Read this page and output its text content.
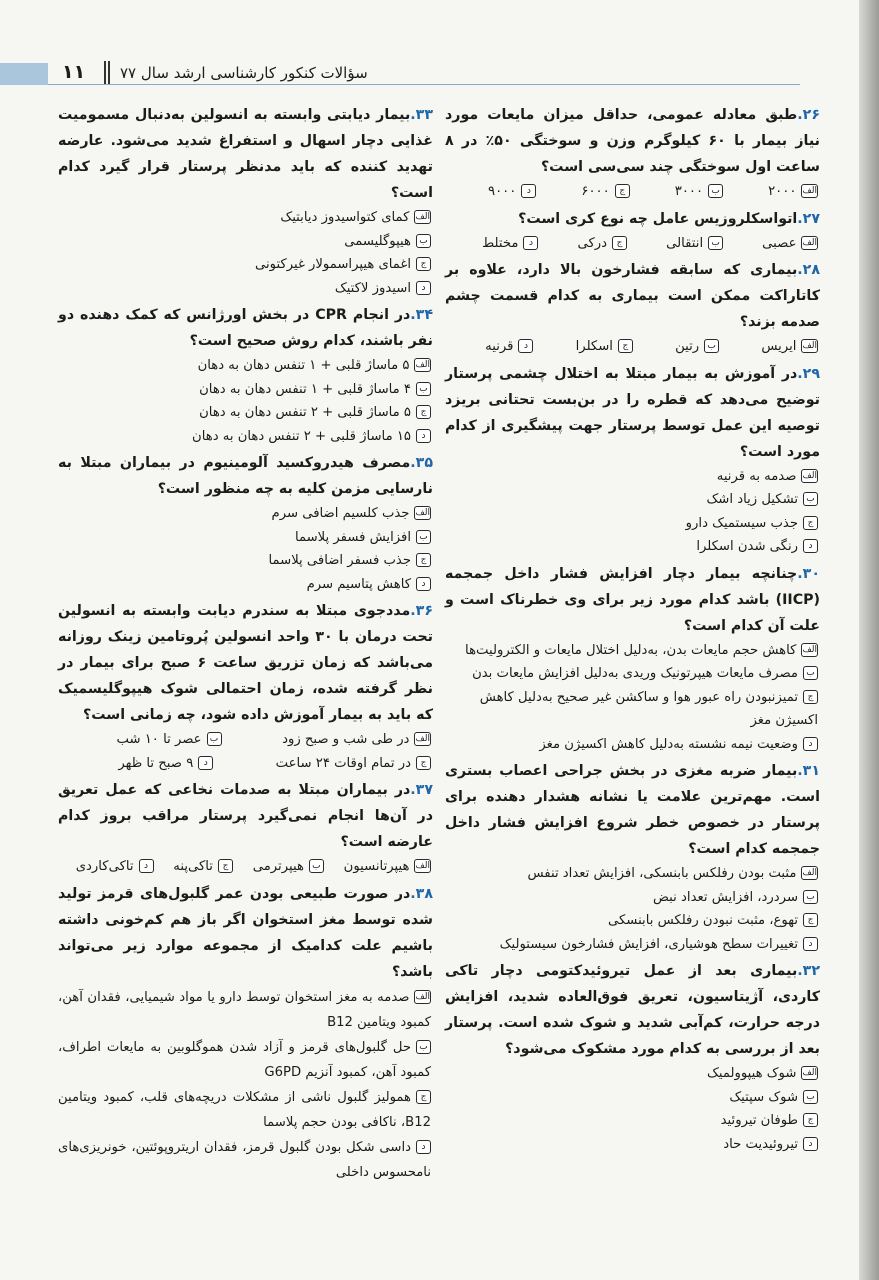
۱۱ سؤالات کنکور کارشناسی ارشد سال ۷۷
۲۶.طبق معادله عمومی، حداقل میزان مایعات مورد نیاز بیمار با ۶۰ کیلوگرم وزن و سوختگی ۵۰٪ در ۸ ساعت اول سوختگی چند سی‌سی است؟
الف۲۰۰۰
ب۳۰۰۰
ج۶۰۰۰
د۹۰۰۰
۲۷.اتواسکلروزیس عامل چه نوع کری است؟
الفعصبی
بانتقالی
جدرکی
دمختلط
۲۸.بیماری که سابقه فشارخون بالا دارد، علاوه بر کاتاراکت ممکن است بیماری به کدام قسمت چشم صدمه بزند؟
الفایریس
برتین
جاسکلرا
دقرنیه
۲۹.در آموزش به بیمار مبتلا به اختلال چشمی پرستار توضیح می‌دهد که قطره را در بن‌بست تحتانی بریزد توصیه این عمل توسط پرستار جهت پیشگیری از کدام مورد است؟
الفصدمه به قرنیه
بتشکیل زیاد اشک
ججذب سیستمیک دارو
درنگی شدن اسکلرا
۳۰.چنانچه بیمار دچار افزایش فشار داخل جمجمه (IICP) باشد کدام مورد زیر برای وی خطرناک است و علت آن کدام است؟
الفکاهش حجم مایعات بدن، به‌دلیل اختلال مایعات و الکترولیت‌ها
بمصرف مایعات هیپرتونیک وریدی به‌دلیل افزایش مایعات بدن
جتمیزنبودن راه عبور هوا و ساکشن غیر صحیح به‌دلیل کاهش اکسیژن مغز
دوضعیت نیمه نشسته به‌دلیل کاهش اکسیژن مغز
۳۱.بیمار ضربه مغزی در بخش جراحی اعصاب بستری است. مهم‌ترین علامت یا نشانه هشدار دهنده برای پرستار در خصوص خطر شروع افزایش فشار داخل جمجمه کدام است؟
الفمثبت بودن رفلکس بابنسکی، افزایش تعداد تنفس
بسردرد، افزایش تعداد نبض
جتهوع، مثبت نبودن رفلکس بابنسکی
دتغییرات سطح هوشیاری، افزایش فشارخون سیستولیک
۳۲.بیماری بعد از عمل تیروئیدکتومی دچار تاکی کاردی، آژیتاسیون، تعریق فوق‌العاده شدید، افزایش درجه حرارت، کم‌آبی شدید و شوک شده است. پرستار بعد از بررسی به کدام مورد مشکوک می‌شود؟
الفشوک هیپوولمیک
بشوک سپتیک
جطوفان تیروئید
دتیروئیدیت حاد
۳۳.بیمار دیابتی وابسته به انسولین به‌دنبال مسمومیت غذایی دچار اسهال و استفراغ شدید می‌شود. عارضه تهدید کننده که باید مدنظر پرستار قرار گیرد کدام است؟
الفکمای کتواسیدوز دیابتیک
بهیپوگلیسمی
جاغمای هیپراسمولار غیرکتونی
داسیدوز لاکتیک
۳۴.در انجام CPR در بخش اورژانس که کمک دهنده دو نفر باشند، کدام روش صحیح است؟
الف۵ ماساژ قلبی + ۱ تنفس دهان به دهان
ب۴ ماساژ قلبی + ۱ تنفس دهان به دهان
ج۵ ماساژ قلبی + ۲ تنفس دهان به دهان
د۱۵ ماساژ قلبی + ۲ تنفس دهان به دهان
۳۵.مصرف هیدروکسید آلومینیوم در بیماران مبتلا به نارسایی مزمن کلیه به چه منظور است؟
الفجذب کلسیم اضافی سرم
بافزایش فسفر پلاسما
ججذب فسفر اضافی پلاسما
دکاهش پتاسیم سرم
۳۶.مددجوی مبتلا به سندرم دیابت وابسته به انسولین تحت درمان با ۳۰ واحد انسولین پُروتامین زینک روزانه می‌باشد که زمان تزریق ساعت ۶ صبح برای بیمار در نظر گرفته شده، زمان احتمالی شوک هیپوگلیسمیک که باید به بیمار آموزش داده شود، چه زمانی است؟
الفدر طی شب و صبح زود
بعصر تا ۱۰ شب
جدر تمام اوقات ۲۴ ساعت
د۹ صبح تا ظهر
۳۷.در بیماران مبتلا به صدمات نخاعی که عمل تعریق در آن‌ها انجام نمی‌گیرد پرستار مراقب بروز کدام عارضه است؟
الفهیپرتانسیون
بهیپرترمی
جتاکی‌پنه
دتاکی‌کاردی
۳۸.در صورت طبیعی بودن عمر گلبول‌های قرمز تولید شده توسط مغز استخوان اگر باز هم کم‌خونی داشته باشیم علت کدامیک از مجموعه موارد زیر می‌تواند باشد؟
الفصدمه به مغز استخوان توسط دارو یا مواد شیمیایی، فقدان آهن، کمبود ویتامین B12
بحل گلبول‌های قرمز و آزاد شدن هموگلوبین به مایعات اطراف، کمبود آهن، کمبود آنزیم G6PD
جهمولیز گلبول ناشی از مشکلات دریچه‌های قلب، کمبود ویتامین B12، ناکافی بودن حجم پلاسما
دداسی شکل بودن گلبول قرمز، فقدان اریتروپوئتین، خونریزی‌های نامحسوس داخلی
